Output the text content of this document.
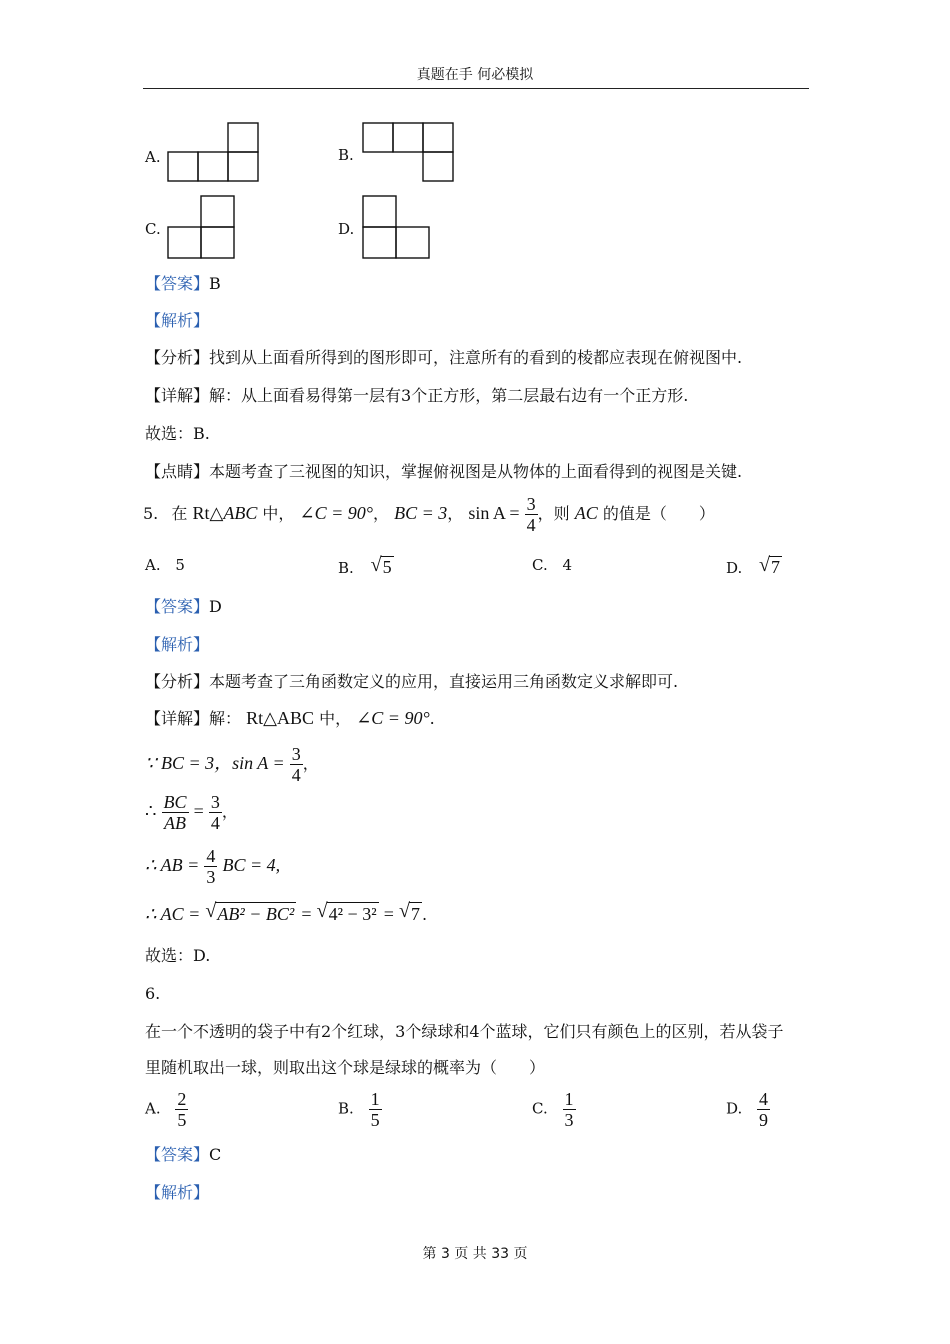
真题在手 何必模拟
A.	B.
C.	D.
【答案】B
【解析】
【分析】找到从上面看所得到的图形即可，注意所有的看到的棱都应表现在俯视图中.
【详解】解：从上面看易得第一层有3个正方形，第二层最右边有一个正方形.
故选：B.
【点睛】本题考查了三视图的知识，掌握俯视图是从物体的上面看得到的视图是关键.
5. 在 Rt△ABC 中， ∠C = 90°， BC = 3， $\sin A = \frac{3}{4}$ ，则 AC 的值是（　　）
A. 5	B. √ 5	C. 4	D. √ 7
【答案】D
【解析】
【分析】本题考查了三角函数定义的应用，直接运用三角函数定义求解即可.
【详解】解： Rt△ABC 中， ∠C = 90°.
∵ BC = 3，$\sin A = \frac{3}{4}$ ，
∴ $\frac{BC}{AB} = \frac{3}{4}$ ，
∴ AB = $\frac{4}{3}$ BC = 4,
∴ AC = √ AB² − BC² = √ 4² − 3² = √ 7 .
故选：D.
6.
在一个不透明的袋子中有2个红球，3个绿球和4个蓝球，它们只有颜色上的区别，若从袋子
里随机取出一球，则取出这个球是绿球的概率为（　　）
A. $\frac{2}{5}$	B. $\frac{1}{5}$	C. $\frac{1}{3}$	D. $\frac{4}{9}$
【答案】C
【解析】
第 3 页 共 33 页
